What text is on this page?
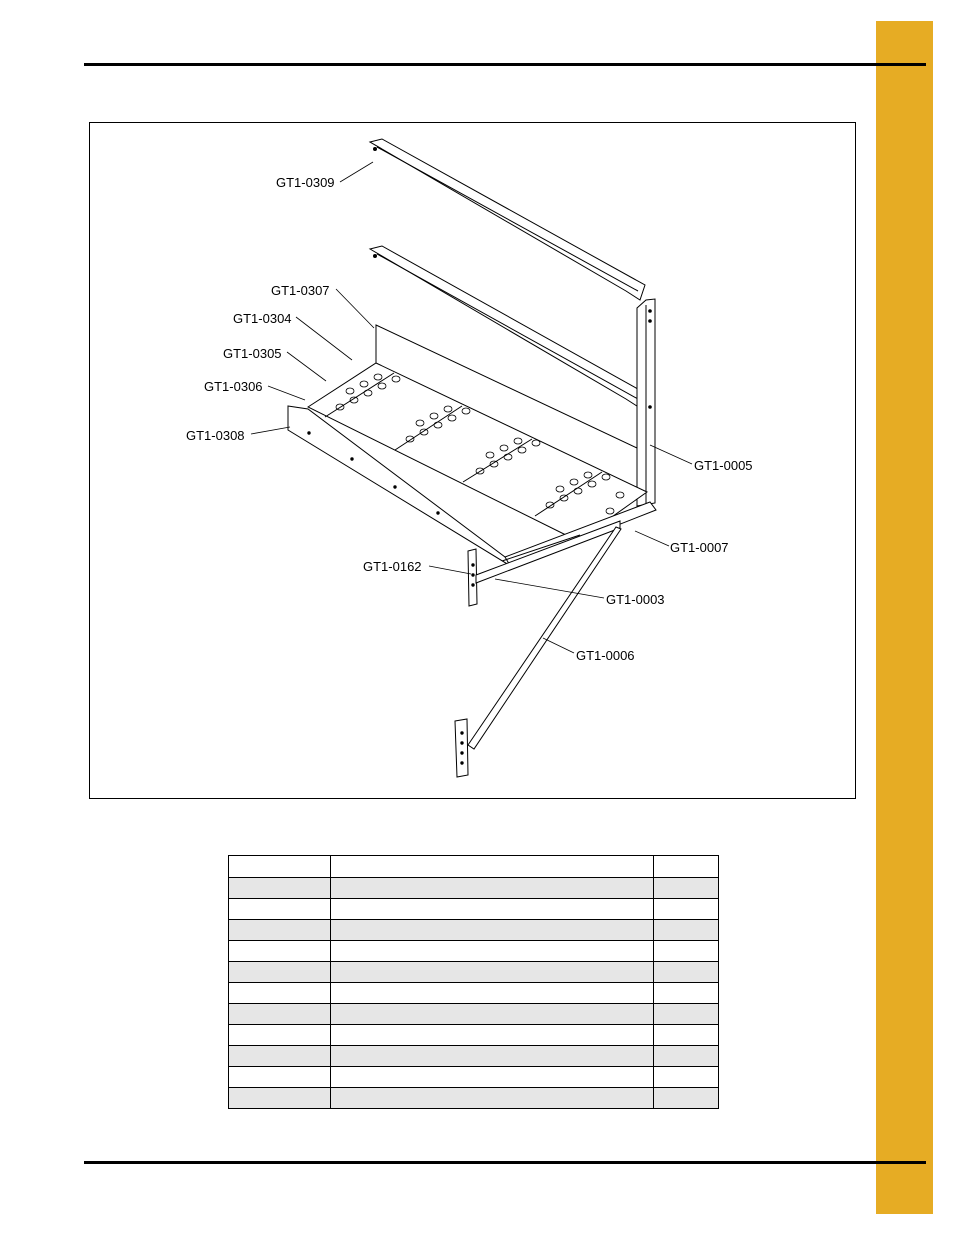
GT1-0309
GT1-0307
GT1-0304
GT1-0305
GT1-0306
GT1-0308
GT1-0005
GT1-0007
GT1-0162
GT1-0003
GT1-0006
